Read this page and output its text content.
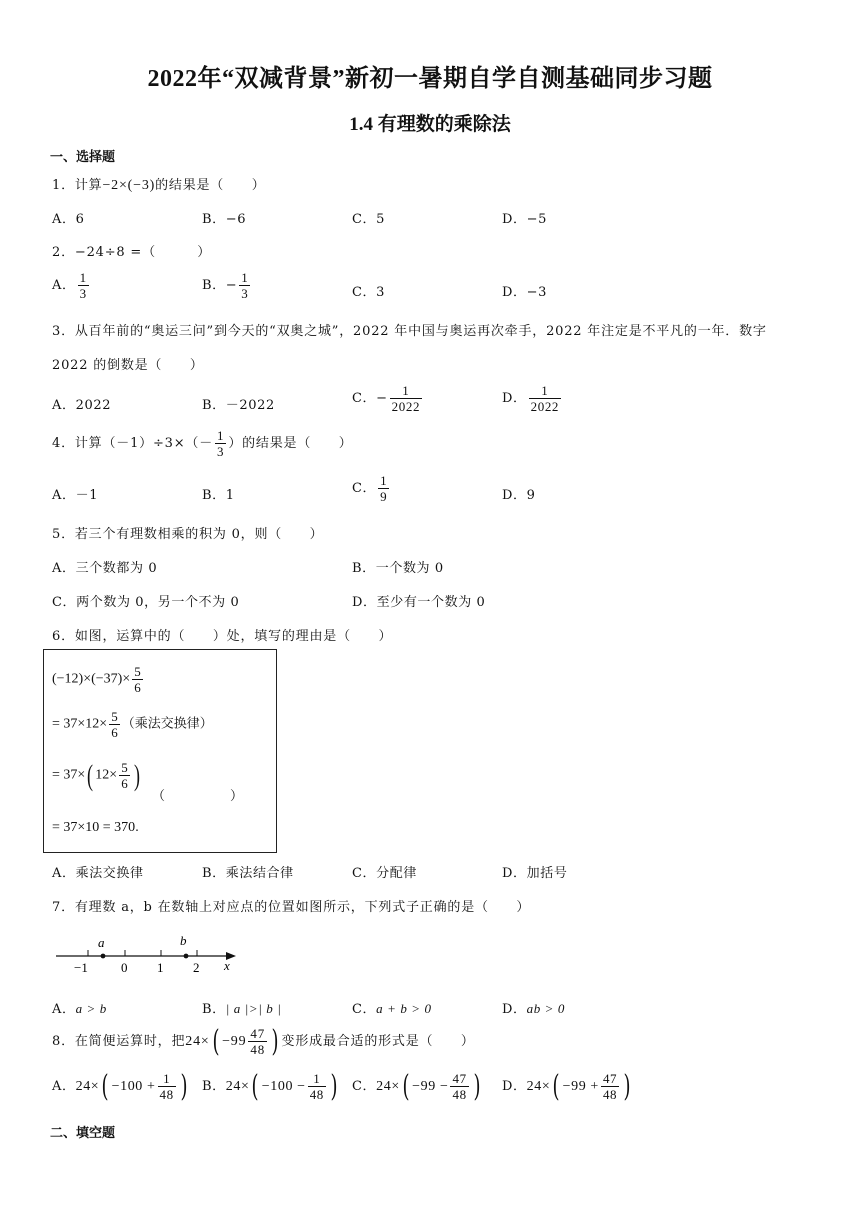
2022年“双减背景”新初一暑期自学自测基础同步习题
1.4 有理数的乘除法
一、选择题
1．计算−2×(−3)的结果是（　　）
A．6	B．−6	C．5	D．−5
2．−24÷8 =（　　　）
A． $\frac{1}{3}$	B．− $\frac{1}{3}$	C．3	D．−3
3．从百年前的“奥运三问”到今天的“双奥之城”，2022 年中国与奥运再次牵手，2022 年注定是不平凡的一年．数字
2022 的倒数是（　　）
A．2022	B．－2022	C．− $\frac{1}{2022}$	D． $\frac{1}{2022}$
4．计算$(-1)\div 3\times(- \frac{1}{3}$ ）的结果是（　　）
A．－1	B．1	C． $\frac{1}{9}$	D．9
5．若三个有理数相乘的积为 0，则（　　）
A．三个数都为 0	B．一个数为 0
C．两个数为 0，另一个不为 0	D．至少有一个数为 0
6．如图，运算中的（　　）处，填写的理由是（　　）
$(-12)\times(-37)\times \frac{5}{6}$
= $37\times 12\times \frac{5}{6}$ （乘法交换律）
= 37×( $12\times \frac{5}{6}$ )
（　　　　　）
= 37×10 = 370.
A．乘法交换律	B．乘法结合律	C．分配律	D．加括号
7．有理数 a，b 在数轴上对应点的位置如图所示，下列式子正确的是（　　）
a	b
−1	0 1 2 x
A．a > b	B．| a |>| b |	C．a + b > 0	D．ab > 0
8．在简便运算时，把$24\times( -99 \frac{47}{48}$ ) 变形成最合适的形式是（　　）
A．$24\times( -100 + \frac{1}{48}$ ) B．$24\times( -100 - \frac{1}{48}$ ) C．$24\times( -99 - \frac{47}{48}$ ) D．$24\times( -99 + \frac{47}{48}$ )
二、填空题
